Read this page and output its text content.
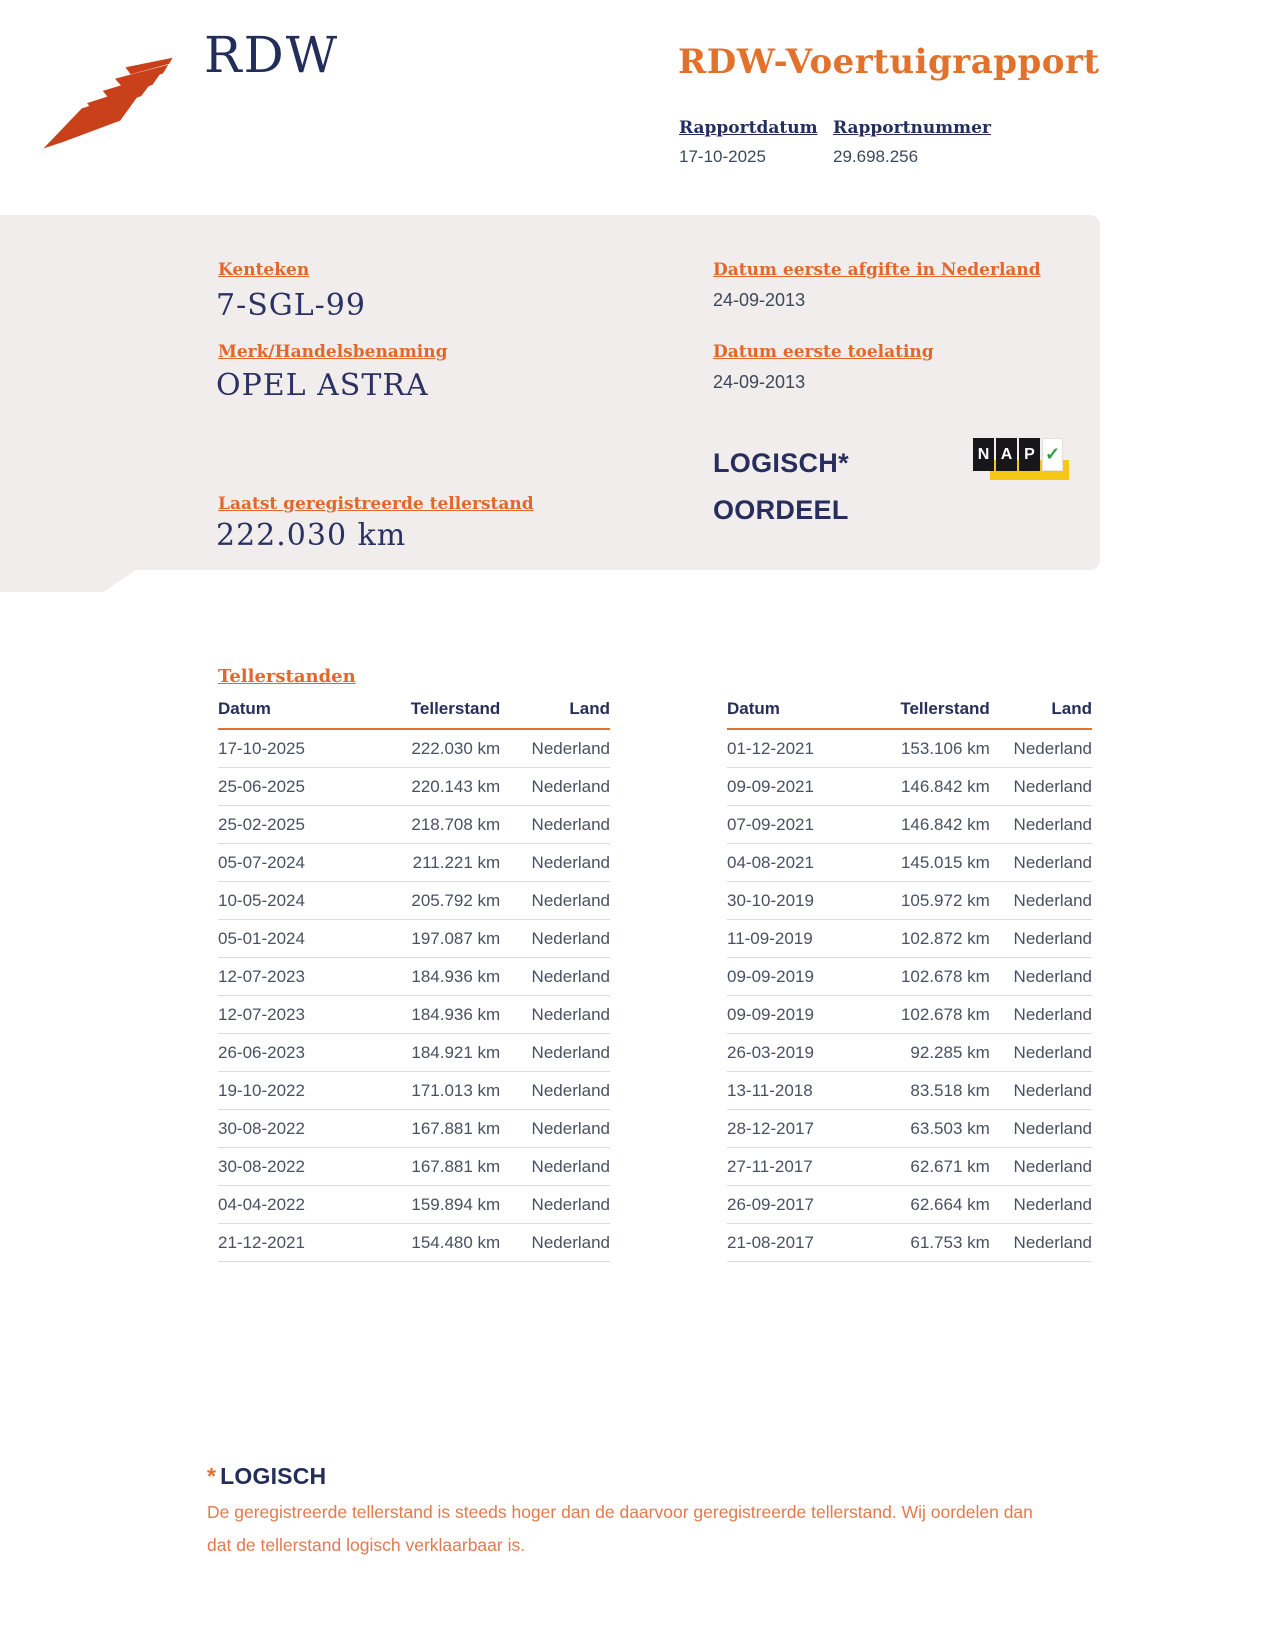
RDW	RDW-Voertuigrapport
Rapportdatum
17-10-2025
Rapportnummer
29.698.256
Kenteken
7-SGL-99
Merk/Handelsbenaming
OPEL ASTRA
Laatst geregistreerde tellerstand
222.030 km
Datum eerste afgifte in Nederland
24-09-2013
Datum eerste toelating
24-09-2013
LOGISCH*
OORDEEL
N A P ✓
Tellerstanden
Datum	Tellerstand	Land
17-10-2025	222.030 km	Nederland
25-06-2025	220.143 km	Nederland
25-02-2025	218.708 km	Nederland
05-07-2024	211.221 km	Nederland
10-05-2024	205.792 km	Nederland
05-01-2024	197.087 km	Nederland
12-07-2023	184.936 km	Nederland
12-07-2023	184.936 km	Nederland
26-06-2023	184.921 km	Nederland
19-10-2022	171.013 km	Nederland
30-08-2022	167.881 km	Nederland
30-08-2022	167.881 km	Nederland
04-04-2022	159.894 km	Nederland
21-12-2021	154.480 km	Nederland
Datum	Tellerstand	Land
01-12-2021	153.106 km	Nederland
09-09-2021	146.842 km	Nederland
07-09-2021	146.842 km	Nederland
04-08-2021	145.015 km	Nederland
30-10-2019	105.972 km	Nederland
11-09-2019	102.872 km	Nederland
09-09-2019	102.678 km	Nederland
09-09-2019	102.678 km	Nederland
26-03-2019	92.285 km	Nederland
13-11-2018	83.518 km	Nederland
28-12-2017	63.503 km	Nederland
27-11-2017	62.671 km	Nederland
26-09-2017	62.664 km	Nederland
21-08-2017	61.753 km	Nederland
* LOGISCH

De geregistreerde tellerstand is steeds hoger dan de daarvoor geregistreerde tellerstand. Wij oordelen dan

dat de tellerstand logisch verklaarbaar is.
